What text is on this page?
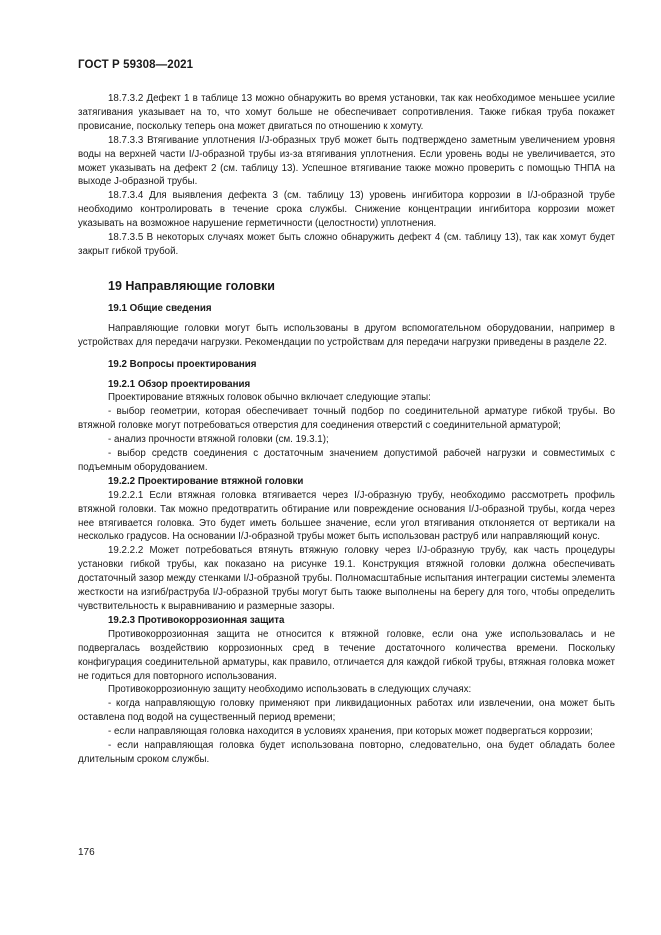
ГОСТ Р 59308—2021

18.7.3.2 Дефект 1 в таблице 13 можно обнаружить во время установки, так как необходимое меньшее усилие затягивания указывает на то, что хомут больше не обеспечивает сопротивления. Также гибкая труба покажет провисание, поскольку теперь она может двигаться по отношению к хомуту.

18.7.3.3 Втягивание уплотнения I/J-образных труб может быть подтверждено заметным увеличением уровня воды на верхней части I/J-образной трубы из-за втягивания уплотнения. Если уровень воды не увеличивается, это может указывать на дефект 2 (см. таблицу 13). Успешное втягивание также можно проверить с помощью ТНПА на выходе J-образной трубы.

18.7.3.4 Для выявления дефекта 3 (см. таблицу 13) уровень ингибитора коррозии в I/J-образной трубе необходимо контролировать в течение срока службы. Снижение концентрации ингибитора коррозии может указывать на возможное нарушение герметичности (целостности) уплотнения.

18.7.3.5 В некоторых случаях может быть сложно обнаружить дефект 4 (см. таблицу 13), так как хомут будет закрыт гибкой трубой.

19 Направляющие головки

19.1 Общие сведения

Направляющие головки могут быть использованы в другом вспомогательном оборудовании, например в устройствах для передачи нагрузки. Рекомендации по устройствам для передачи нагрузки приведены в разделе 22.

19.2 Вопросы проектирования

19.2.1 Обзор проектирования

Проектирование втяжных головок обычно включает следующие этапы:

- выбор геометрии, которая обеспечивает точный подбор по соединительной арматуре гибкой трубы. Во втяжной головке могут потребоваться отверстия для соединения отверстий с соединительной арматурой;

- анализ прочности втяжной головки (см. 19.3.1);

- выбор средств соединения с достаточным значением допустимой рабочей нагрузки и совместимых с подъемным оборудованием.

19.2.2 Проектирование втяжной головки

19.2.2.1 Если втяжная головка втягивается через I/J-образную трубу, необходимо рассмотреть профиль втяжной головки. Так можно предотвратить обтирание или повреждение основания I/J-образной трубы, когда через нее втягивается головка. Это будет иметь большее значение, если угол втягивания отклоняется от вертикали на несколько градусов. На основании I/J-образной трубы может быть использован раструб или направляющий конус.

19.2.2.2 Может потребоваться втянуть втяжную головку через I/J-образную трубу, как часть процедуры установки гибкой трубы, как показано на рисунке 19.1. Конструкция втяжной головки должна обеспечивать достаточный зазор между стенками I/J-образной трубы. Полномасштабные испытания интеграции системы элемента жесткости на изгиб/раструба I/J-образной трубы могут быть также выполнены на берегу для того, чтобы определить чувствительность к выравниванию и размерные зазоры.

19.2.3 Противокоррозионная защита

Противокоррозионная защита не относится к втяжной головке, если она уже использовалась и не подвергалась воздействию коррозионных сред в течение достаточного количества времени. Поскольку конфигурация соединительной арматуры, как правило, отличается для каждой гибкой трубы, втяжная головка может не годиться для повторного использования.

Противокоррозионную защиту необходимо использовать в следующих случаях:

- когда направляющую головку применяют при ликвидационных работах или извлечении, она может быть оставлена под водой на существенный период времени;

- если направляющая головка находится в условиях хранения, при которых может подвергаться коррозии;

- если направляющая головка будет использована повторно, следовательно, она будет обладать более длительным сроком службы.

176
